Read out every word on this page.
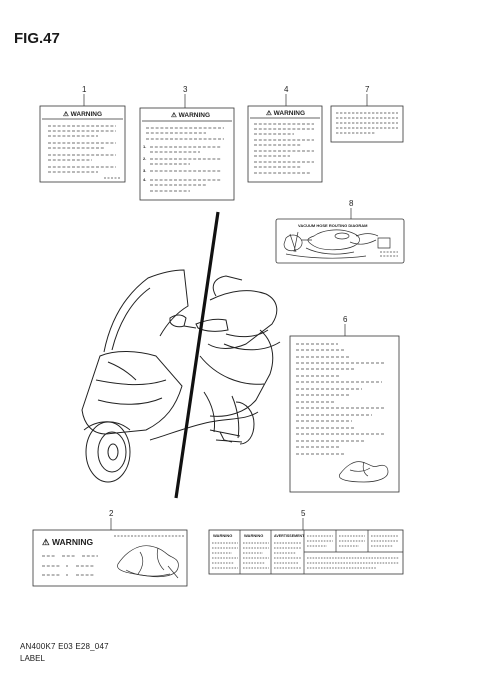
FIG.47
1
⚠ WARNING
3
⚠ WARNING
1.
2.
3.
4.
4
⚠ WARNING
7
8
VACUUM HOSE ROUTING DIAGRAM
6
2
⚠ WARNING
5
WARNING	WARNING	AVERTISSEMENT
AN400K7 E03 E28_047
LABEL
